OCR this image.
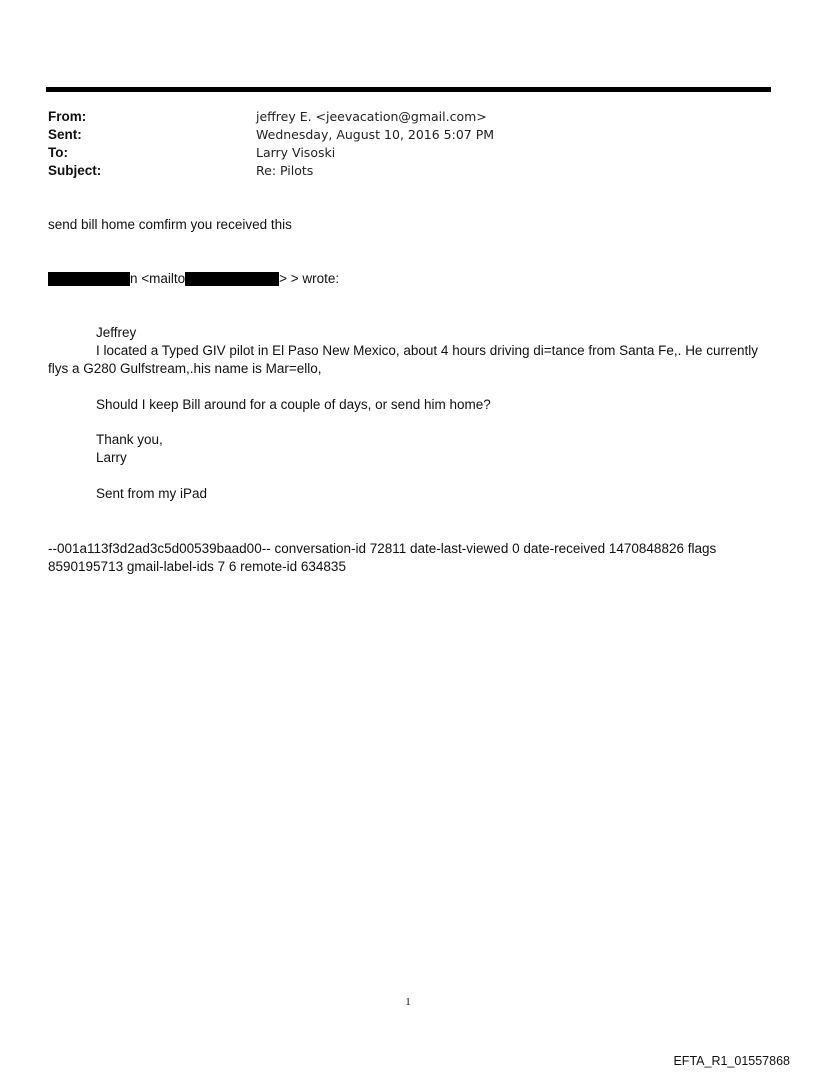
From:	jeffrey E. <jeevacation@gmail.com>
Sent:	Wednesday, August 10, 2016 5:07 PM
To:	Larry Visoski
Subject:	Re: Pilots
send bill home comfirm you received this
n <mailto	> > wrote:
Jeffrey
I located a Typed GIV pilot in El Paso New Mexico, about 4 hours driving di=tance from Santa Fe,. He currently flys a G280 Gulfstream,.his name is Mar=ello,
Should I keep Bill around for a couple of days, or send him home?
Thank you,
Larry
Sent from my iPad
--001a113f3d2ad3c5d00539baad00-- conversation-id 72811 date-last-viewed 0 date-received 1470848826 flags 8590195713 gmail-label-ids 7 6 remote-id 634835
1
EFTA_R1_01557868
